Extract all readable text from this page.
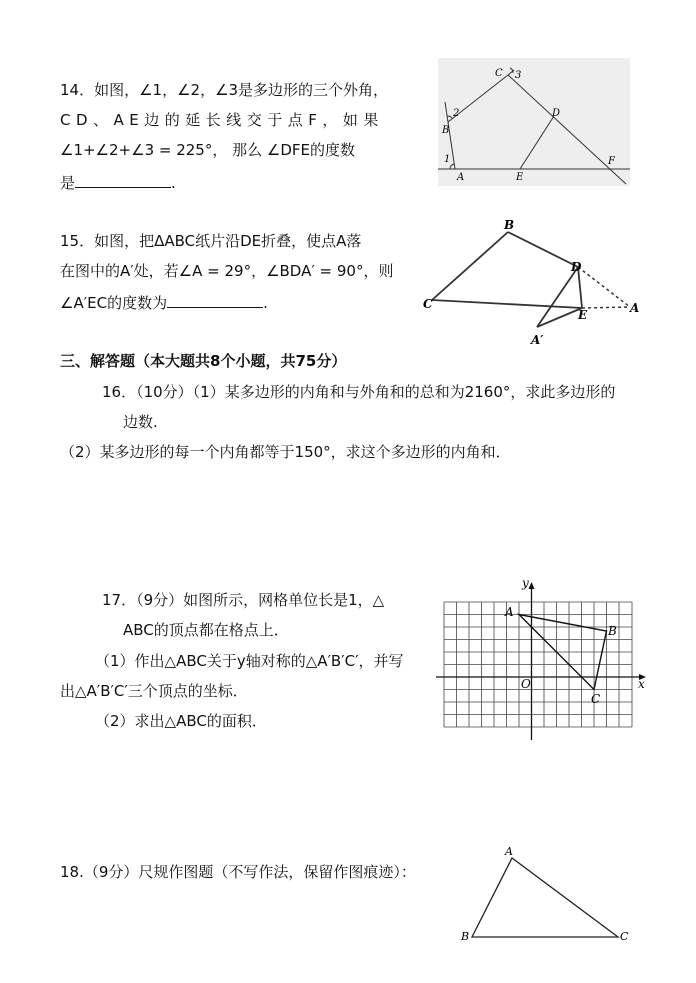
14．如图，∠1，∠2，∠3是多边形的三个外角，
CD、AE边的延长线交于点F，如果
∠1+∠2+∠3 = 225°， 那么 ∠DFE的度数
是	.
C 3
2	D
B
1
A	E
F
15．如图，把ΔABC纸片沿DE折叠，使点A落
在图中的A′处，若∠A = 29°，∠BDA′ = 90°，则
∠A′EC的度数为	.
B
C
D
E	A
A′
三、解答题（本大题共8个小题，共75分）
16．（10分）（1）某多边形的内角和与外角和的总和为2160°，求此多边形的
边数.
（2）某多边形的每一个内角都等于150°，求这个多边形的内角和．
17．（9分）如图所示，网格单位长是1，△
ABC的顶点都在格点上．
（1）作出△ABC关于y轴对称的△A′B′C′，并写
出△A′B′C′三个顶点的坐标．
（2）求出△ABC的面积．
y
x
O
A
B
C
18.（9分）尺规作图题（不写作法，保留作图痕迹）：
A
B	C
